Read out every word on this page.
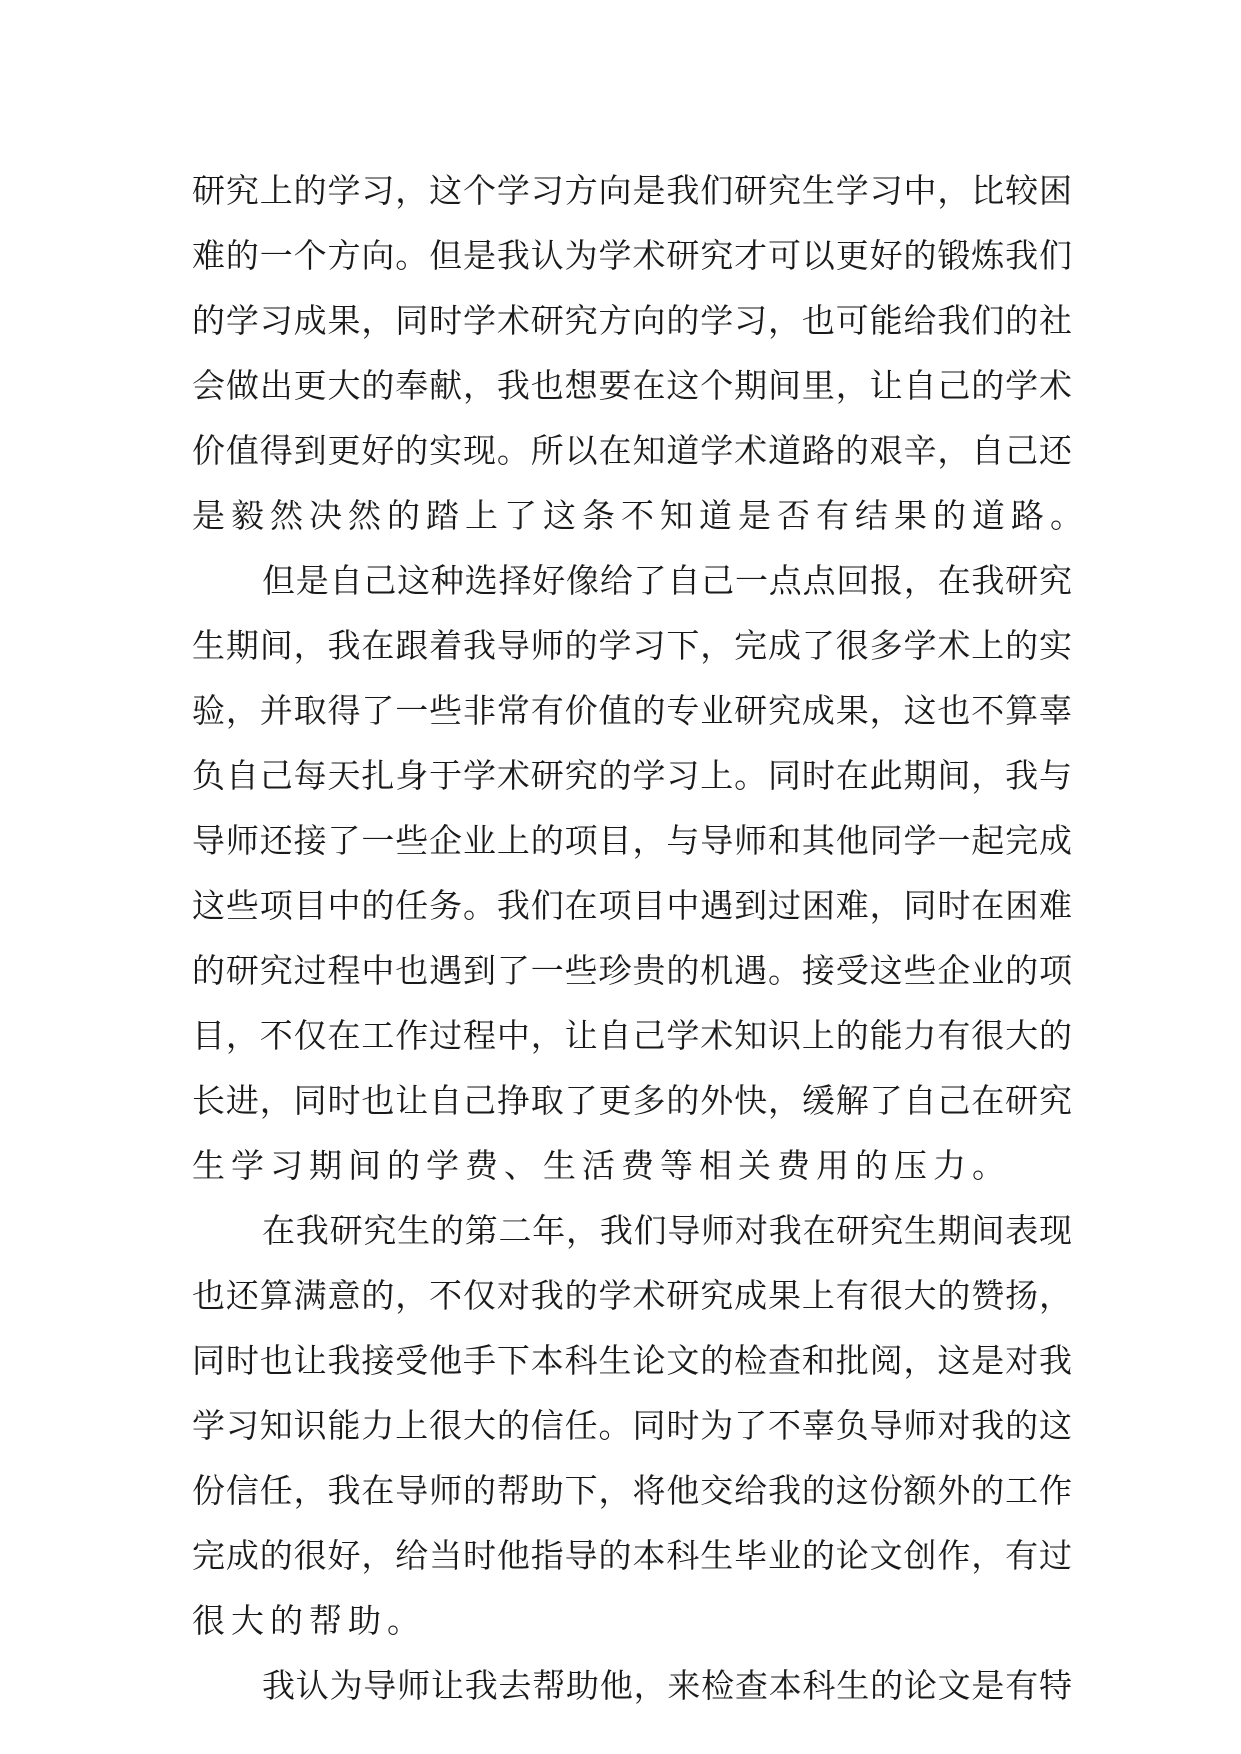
研究上的学习，这个学习方向是我们研究生学习中，比较困
难的一个方向。但是我认为学术研究才可以更好的锻炼我们
的学习成果，同时学术研究方向的学习，也可能给我们的社
会做出更大的奉献，我也想要在这个期间里，让自己的学术
价值得到更好的实现。所以在知道学术道路的艰辛，自己还
是毅然决然的踏上了这条不知道是否有结果的道路。
但是自己这种选择好像给了自己一点点回报，在我研究
生期间，我在跟着我导师的学习下，完成了很多学术上的实
验，并取得了一些非常有价值的专业研究成果，这也不算辜
负自己每天扎身于学术研究的学习上。同时在此期间，我与
导师还接了一些企业上的项目，与导师和其他同学一起完成
这些项目中的任务。我们在项目中遇到过困难，同时在困难
的研究过程中也遇到了一些珍贵的机遇。接受这些企业的项
目，不仅在工作过程中，让自己学术知识上的能力有很大的
长进，同时也让自己挣取了更多的外快，缓解了自己在研究
生学习期间的学费、生活费等相关费用的压力。
在我研究生的第二年，我们导师对我在研究生期间表现
也还算满意的，不仅对我的学术研究成果上有很大的赞扬，
同时也让我接受他手下本科生论文的检查和批阅，这是对我
学习知识能力上很大的信任。同时为了不辜负导师对我的这
份信任，我在导师的帮助下，将他交给我的这份额外的工作
完成的很好，给当时他指导的本科生毕业的论文创作，有过
很大的帮助。
我认为导师让我去帮助他，来检查本科生的论文是有特
